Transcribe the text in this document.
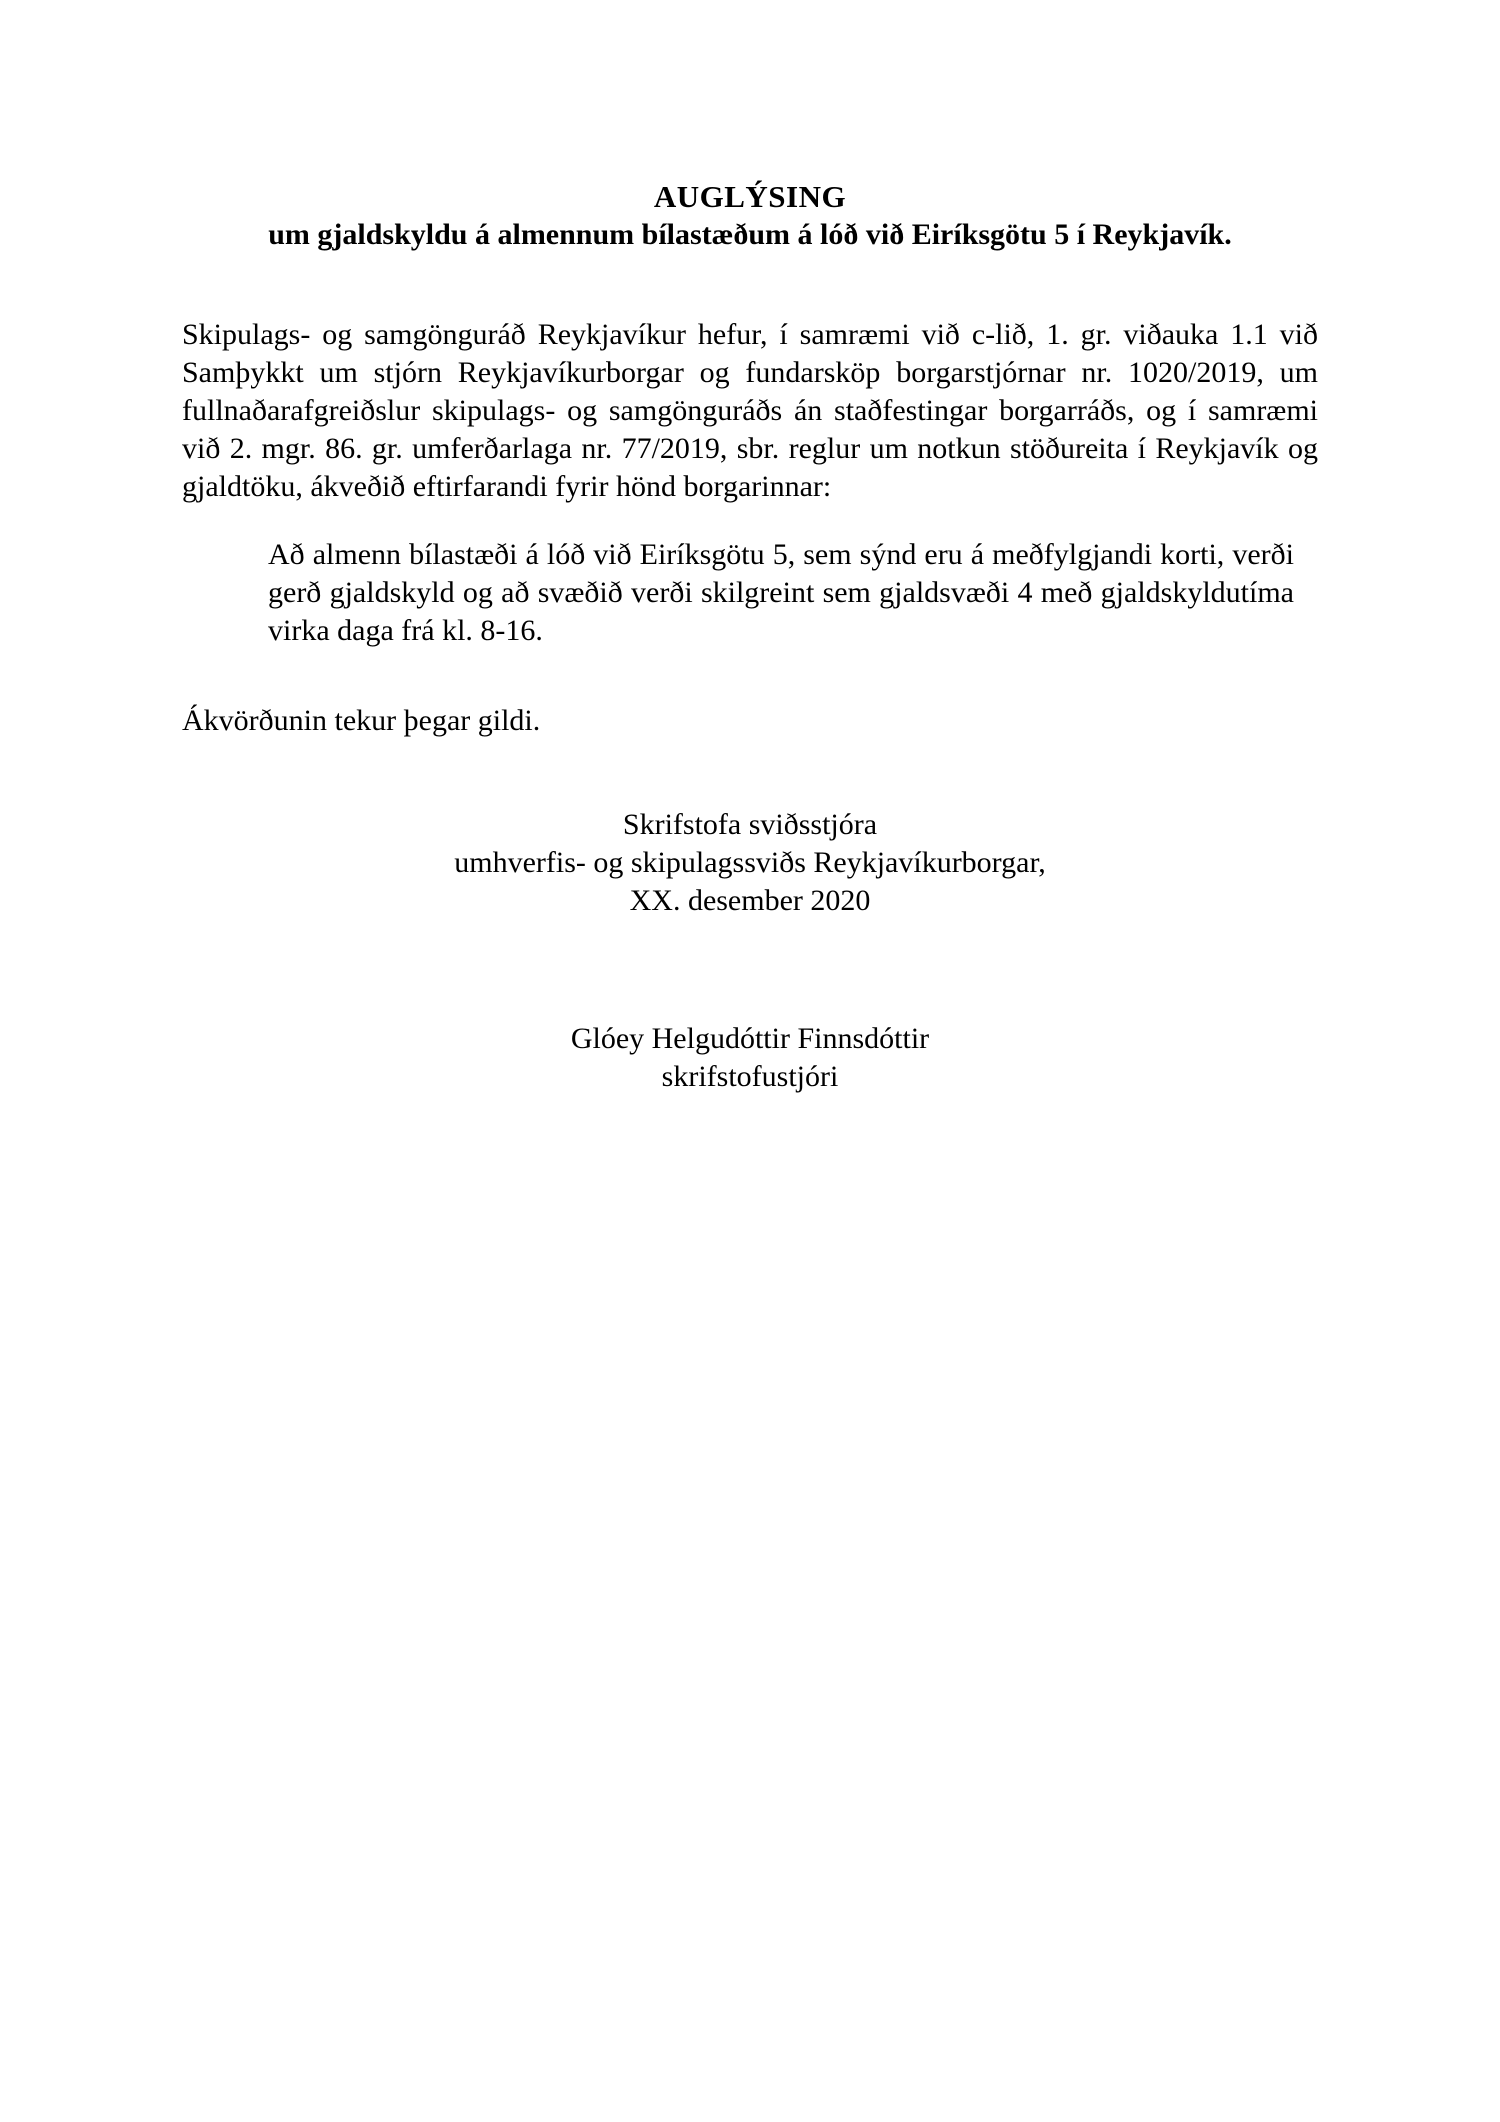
AUGLÝSING
um gjaldskyldu á almennum bílastæðum á lóð við Eiríksgötu 5 í Reykjavík.

Skipulags- og samgönguráð Reykjavíkur hefur, í samræmi við c-lið, 1. gr. viðauka 1.1 við Samþykkt um stjórn Reykjavíkurborgar og fundarsköp borgarstjórnar nr. 1020/2019, um fullnaðarafgreiðslur skipulags- og samgönguráðs án staðfestingar borgarráðs, og í samræmi við 2. mgr. 86. gr. umferðarlaga nr. 77/2019, sbr. reglur um notkun stöðureita í Reykjavík og gjaldtöku, ákveðið eftirfarandi fyrir hönd borgarinnar:

Að almenn bílastæði á lóð við Eiríksgötu 5, sem sýnd eru á meðfylgjandi korti, verði gerð gjaldskyld og að svæðið verði skilgreint sem gjaldsvæði 4 með gjaldskyldutíma virka daga frá kl. 8-16.

Ákvörðunin tekur þegar gildi.

Skrifstofa sviðsstjóra
umhverfis- og skipulagssviðs Reykjavíkurborgar,
XX. desember 2020
Glóey Helgudóttir Finnsdóttir
skrifstofustjóri
